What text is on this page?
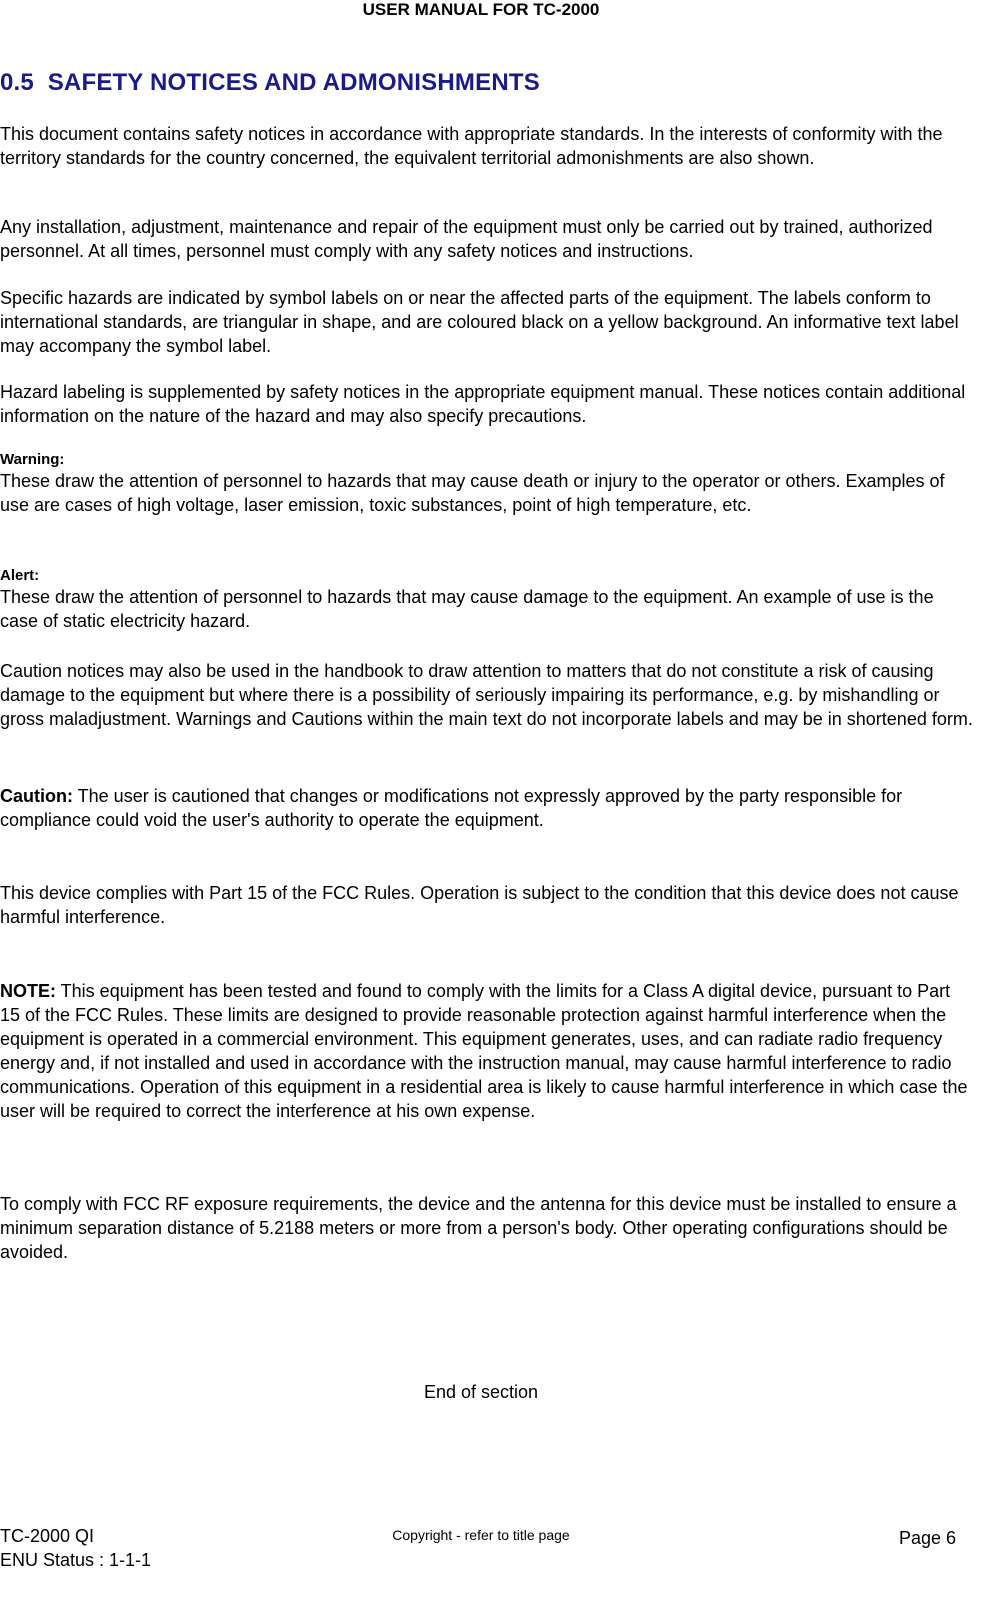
USER MANUAL FOR TC-2000
0.5 SAFETY NOTICES AND ADMONISHMENTS

This document contains safety notices in accordance with appropriate standards. In the interests of conformity with the territory standards for the country concerned, the equivalent territorial admonishments are also shown.

Any installation, adjustment, maintenance and repair of the equipment must only be carried out by trained, authorized personnel. At all times, personnel must comply with any safety notices and instructions.

Specific hazards are indicated by symbol labels on or near the affected parts of the equipment. The labels conform to international standards, are triangular in shape, and are coloured black on a yellow background. An informative text label may accompany the symbol label.

Hazard labeling is supplemented by safety notices in the appropriate equipment manual. These notices contain additional information on the nature of the hazard and may also specify precautions.

Warning:
These draw the attention of personnel to hazards that may cause death or injury to the operator or others. Examples of use are cases of high voltage, laser emission, toxic substances, point of high temperature, etc.
Alert:
These draw the attention of personnel to hazards that may cause damage to the equipment. An example of use is the case of static electricity hazard.

Caution notices may also be used in the handbook to draw attention to matters that do not constitute a risk of causing damage to the equipment but where there is a possibility of seriously impairing its performance, e.g. by mishandling or gross maladjustment. Warnings and Cautions within the main text do not incorporate labels and may be in shortened form.

Caution: The user is cautioned that changes or modifications not expressly approved by the party responsible for compliance could void the user's authority to operate the equipment.

This device complies with Part 15 of the FCC Rules. Operation is subject to the condition that this device does not cause harmful interference.

NOTE: This equipment has been tested and found to comply with the limits for a Class A digital device, pursuant to Part 15 of the FCC Rules. These limits are designed to provide reasonable protection against harmful interference when the equipment is operated in a commercial environment. This equipment generates, uses, and can radiate radio frequency energy and, if not installed and used in accordance with the instruction manual, may cause harmful interference to radio communications. Operation of this equipment in a residential area is likely to cause harmful interference in which case the user will be required to correct the interference at his own expense.

To comply with FCC RF exposure requirements, the device and the antenna for this device must be installed to ensure a minimum separation distance of 5.2188 meters or more from a person's body. Other operating configurations should be avoided.

End of section
TC-2000 QI
ENU Status : 1-1-1
Copyright - refer to title page	Page 6
